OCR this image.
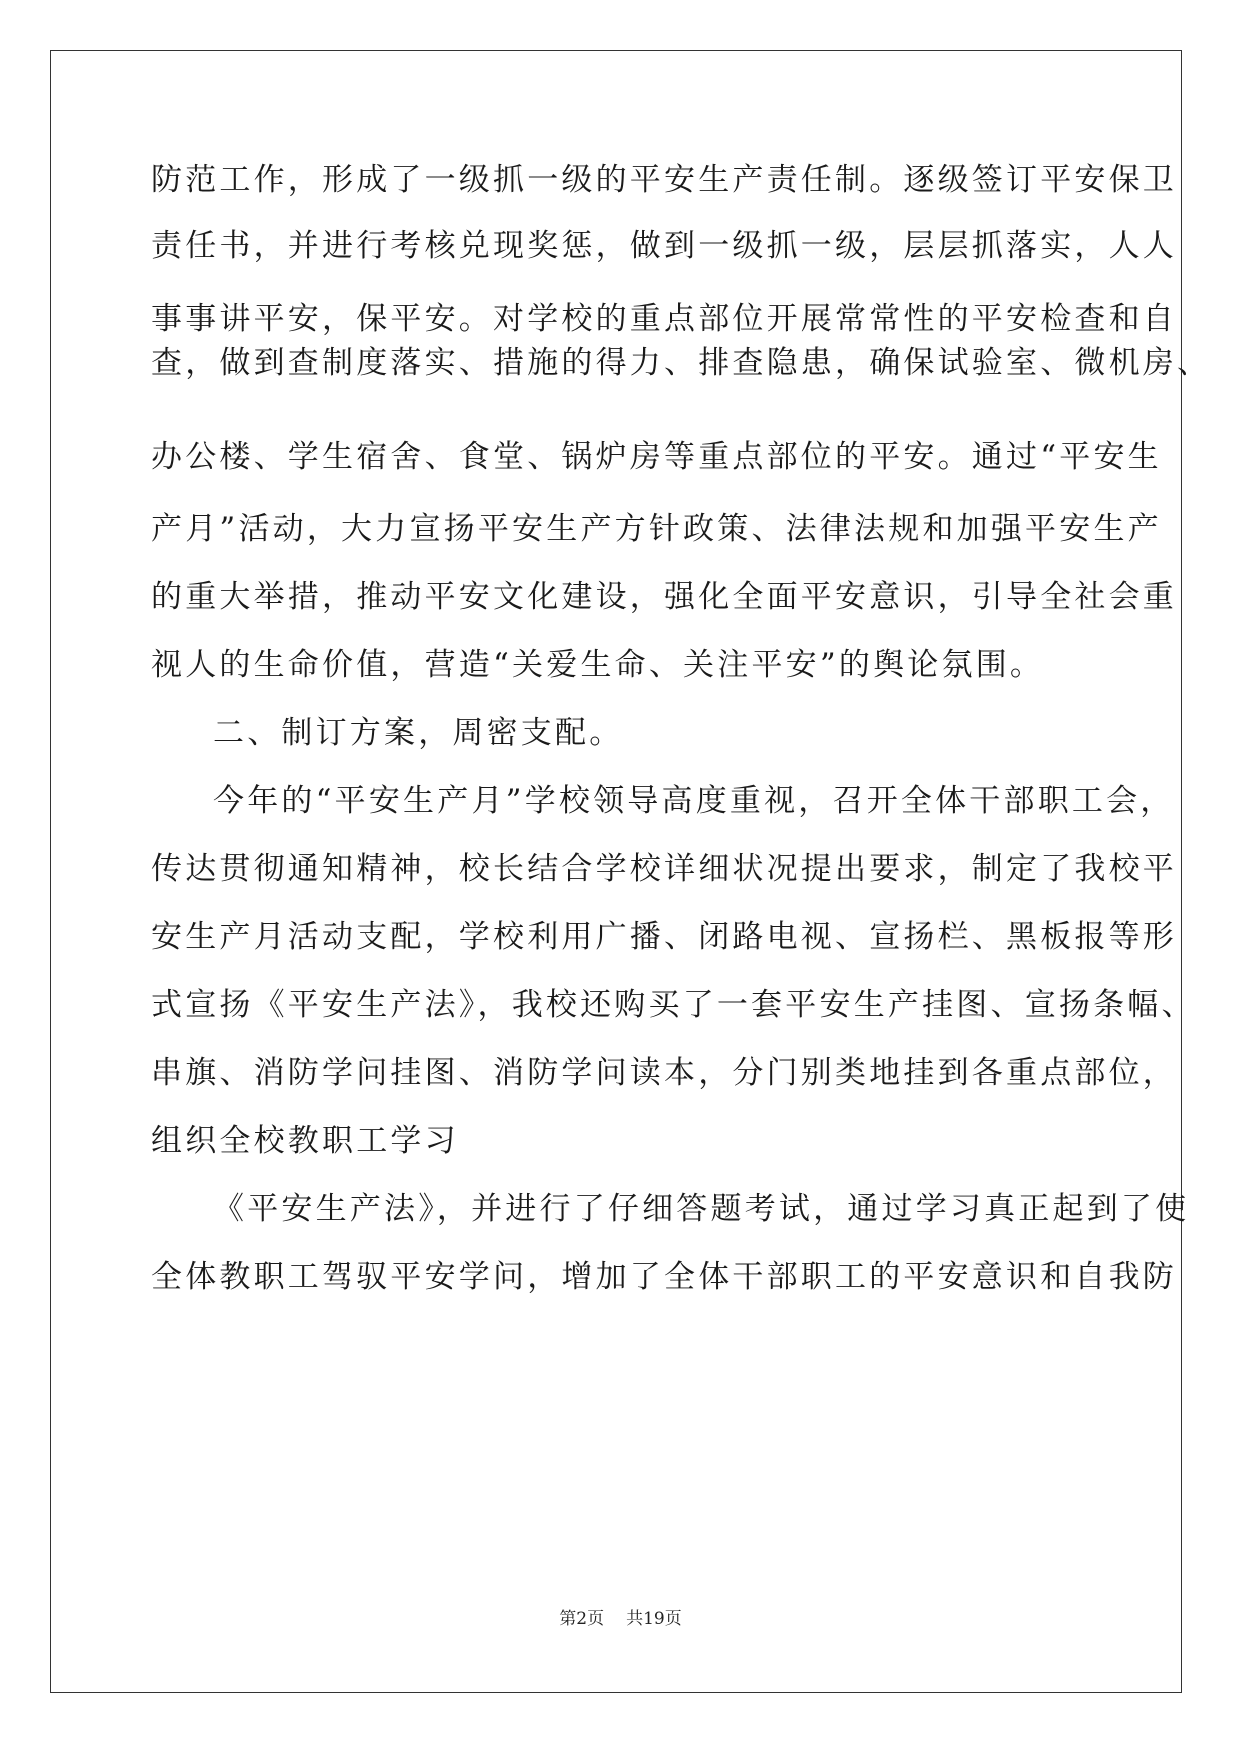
防范工作，形成了一级抓一级的平安生产责任制。逐级签订平安保卫
责任书，并进行考核兑现奖惩，做到一级抓一级，层层抓落实，人人
事事讲平安，保平安。对学校的重点部位开展常常性的平安检查和自
查，做到查制度落实、措施的得力、排查隐患，确保试验室、微机房、
办公楼、学生宿舍、食堂、锅炉房等重点部位的平安。通过“平安生
产月”活动，大力宣扬平安生产方针政策、法律法规和加强平安生产
的重大举措，推动平安文化建设，强化全面平安意识，引导全社会重
视人的生命价值，营造“关爱生命、关注平安”的舆论氛围。
二、制订方案，周密支配。
今年的“平安生产月”学校领导高度重视，召开全体干部职工会，
传达贯彻通知精神，校长结合学校详细状况提出要求，制定了我校平
安生产月活动支配，学校利用广播、闭路电视、宣扬栏、黑板报等形
式宣扬《平安生产法》，我校还购买了一套平安生产挂图、宣扬条幅、
串旗、消防学问挂图、消防学问读本，分门别类地挂到各重点部位，
组织全校教职工学习
《平安生产法》，并进行了仔细答题考试，通过学习真正起到了使
全体教职工驾驭平安学问，增加了全体干部职工的平安意识和自我防
第2页 共19页
